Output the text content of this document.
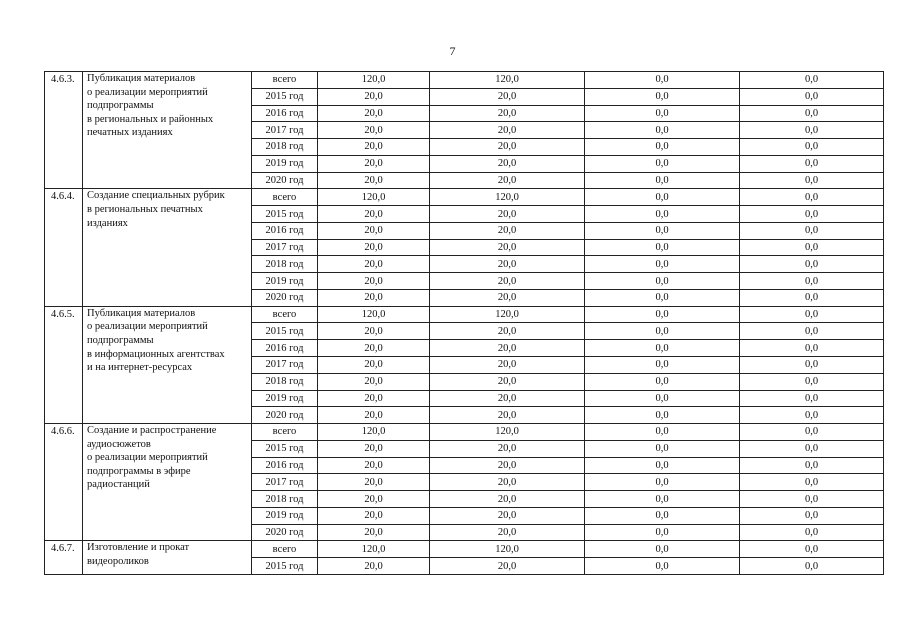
7
4.6.3.	Публикация материалов
о реализации мероприятий
подпрограммы
в региональных и районных
печатных изданиях	всего	120,0	120,0	0,0	0,0
		2015 год	20,0	20,0	0,0	0,0
		2016 год	20,0	20,0	0,0	0,0
		2017 год	20,0	20,0	0,0	0,0
		2018 год	20,0	20,0	0,0	0,0
		2019 год	20,0	20,0	0,0	0,0
		2020 год	20,0	20,0	0,0	0,0
4.6.4.	Создание специальных рубрик
в региональных печатных
изданиях	всего	120,0	120,0	0,0	0,0
		2015 год	20,0	20,0	0,0	0,0
		2016 год	20,0	20,0	0,0	0,0
		2017 год	20,0	20,0	0,0	0,0
		2018 год	20,0	20,0	0,0	0,0
		2019 год	20,0	20,0	0,0	0,0
		2020 год	20,0	20,0	0,0	0,0
4.6.5.	Публикация материалов
о реализации мероприятий
подпрограммы
в информационных агентствах
и на интернет-ресурсах	всего	120,0	120,0	0,0	0,0
		2015 год	20,0	20,0	0,0	0,0
		2016 год	20,0	20,0	0,0	0,0
		2017 год	20,0	20,0	0,0	0,0
		2018 год	20,0	20,0	0,0	0,0
		2019 год	20,0	20,0	0,0	0,0
		2020 год	20,0	20,0	0,0	0,0
4.6.6.	Создание и распространение
аудиосюжетов
о реализации мероприятий
подпрограммы в эфире
радиостанций	всего	120,0	120,0	0,0	0,0
		2015 год	20,0	20,0	0,0	0,0
		2016 год	20,0	20,0	0,0	0,0
		2017 год	20,0	20,0	0,0	0,0
		2018 год	20,0	20,0	0,0	0,0
		2019 год	20,0	20,0	0,0	0,0
		2020 год	20,0	20,0	0,0	0,0
4.6.7.	Изготовление и прокат
видеороликов	всего	120,0	120,0	0,0	0,0
		2015 год	20,0	20,0	0,0	0,0
